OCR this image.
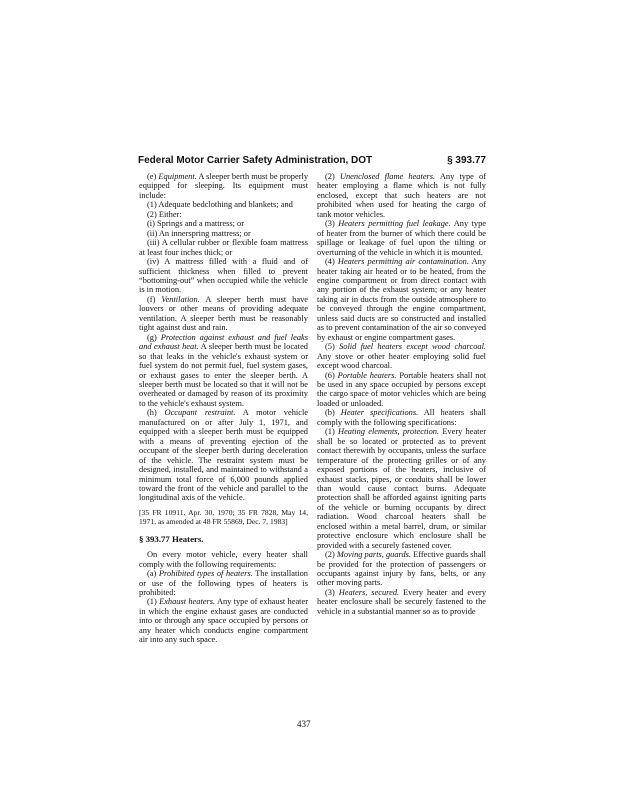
Federal Motor Carrier Safety Administration, DOT	§ 393.77

(e) Equipment. A sleeper berth must be properly equipped for sleeping. Its equipment must include:

(1) Adequate bedclothing and blankets; and

(2) Either:

(i) Springs and a mattress; or

(ii) An innerspring mattress; or

(iii) A cellular rubber or flexible foam mattress at least four inches thick; or

(iv) A mattress filled with a fluid and of sufficient thickness when filled to prevent “bottoming-out” when occupied while the vehicle is in motion.

(f) Ventilation. A sleeper berth must have louvers or other means of providing adequate ventilation. A sleeper berth must be reasonably tight against dust and rain.

(g) Protection against exhaust and fuel leaks and exhaust heat. A sleeper berth must be located so that leaks in the vehicle's exhaust system or fuel system do not permit fuel, fuel system gases, or exhaust gases to enter the sleeper berth. A sleeper berth must be located so that it will not be overheated or damaged by reason of its proximity to the vehicle's exhaust system.

(h) Occupant restraint. A motor vehicle manufactured on or after July 1, 1971, and equipped with a sleeper berth must be equipped with a means of preventing ejection of the occupant of the sleeper berth during deceleration of the vehicle. The restraint system must be designed, installed, and maintained to withstand a minimum total force of 6,000 pounds applied toward the front of the vehicle and parallel to the longitudinal axis of the vehicle.

[35 FR 10911, Apr. 30, 1970; 35 FR 7828, May 14, 1971, as amended at 48 FR 55869, Dec. 7, 1983]

§ 393.77 Heaters.

On every motor vehicle, every heater shall comply with the following requirements:

(a) Prohibited types of heaters. The installation or use of the following types of heaters is prohibited:

(1) Exhaust heaters. Any type of exhaust heater in which the engine exhaust gases are conducted into or through any space occupied by persons or any heater which conducts engine compartment air into any such space.

(2) Unenclosed flame heaters. Any type of heater employing a flame which is not fully enclosed, except that such heaters are not prohibited when used for heating the cargo of tank motor vehicles.

(3) Heaters permitting fuel leakage. Any type of heater from the burner of which there could be spillage or leakage of fuel upon the tilting or overturning of the vehicle in which it is mounted.

(4) Heaters permitting air contamination. Any heater taking air heated or to be heated, from the engine compartment or from direct contact with any portion of the exhaust system; or any heater taking air in ducts from the outside atmosphere to be conveyed through the engine compartment, unless said ducts are so constructed and installed as to prevent contamination of the air so conveyed by exhaust or engine compartment gases.

(5) Solid fuel heaters except wood charcoal. Any stove or other heater employing solid fuel except wood charcoal.

(6) Portable heaters. Portable heaters shall not be used in any space occupied by persons except the cargo space of motor vehicles which are being loaded or unloaded.

(b) Heater specifications. All heaters shall comply with the following specifications:

(1) Heating elements, protection. Every heater shall be so located or protected as to prevent contact therewith by occupants, unless the surface temperature of the protecting grilles or of any exposed portions of the heaters, inclusive of exhaust stacks, pipes, or conduits shall be lower than would cause contact burns. Adequate protection shall be afforded against igniting parts of the vehicle or burning occupants by direct radiation. Wood charcoal heaters shall be enclosed within a metal barrel, drum, or similar protective enclosure which enclosure shall be provided with a securely fastened cover.

(2) Moving parts, guards. Effective guards shall be provided for the protection of passengers or occupants against injury by fans, belts, or any other moving parts.

(3) Heaters, secured. Every heater and every heater enclosure shall be securely fastened to the vehicle in a substantial manner so as to provide

437
